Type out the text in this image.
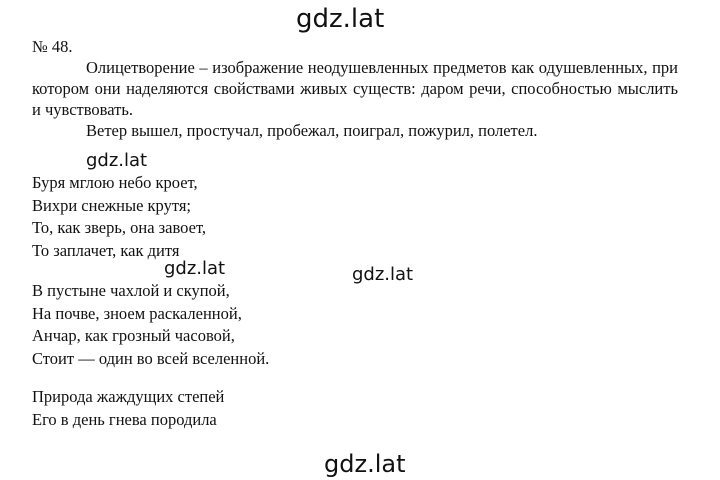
gdz.lat

№ 48.

Олицетворение – изображение неодушевленных предметов как одушевленных, при котором они наделяются свойствами живых существ: даром речи, способностью мыслить и чувствовать.

Ветер вышел, простучал, пробежал, поиграл, пожурил, полетел.

gdz.lat

Буря мглою небо кроет,

Вихри снежные крутя;

То, как зверь, она завоет,

То заплачет, как дитя

gdz.lat	gdz.lat

В пустыне чахлой и скупой,

На почве, зноем раскаленной,

Анчар, как грозный часовой,

Стоит — один во всей вселенной.

Природа жаждущих степей

Его в день гнева породила

gdz.lat
